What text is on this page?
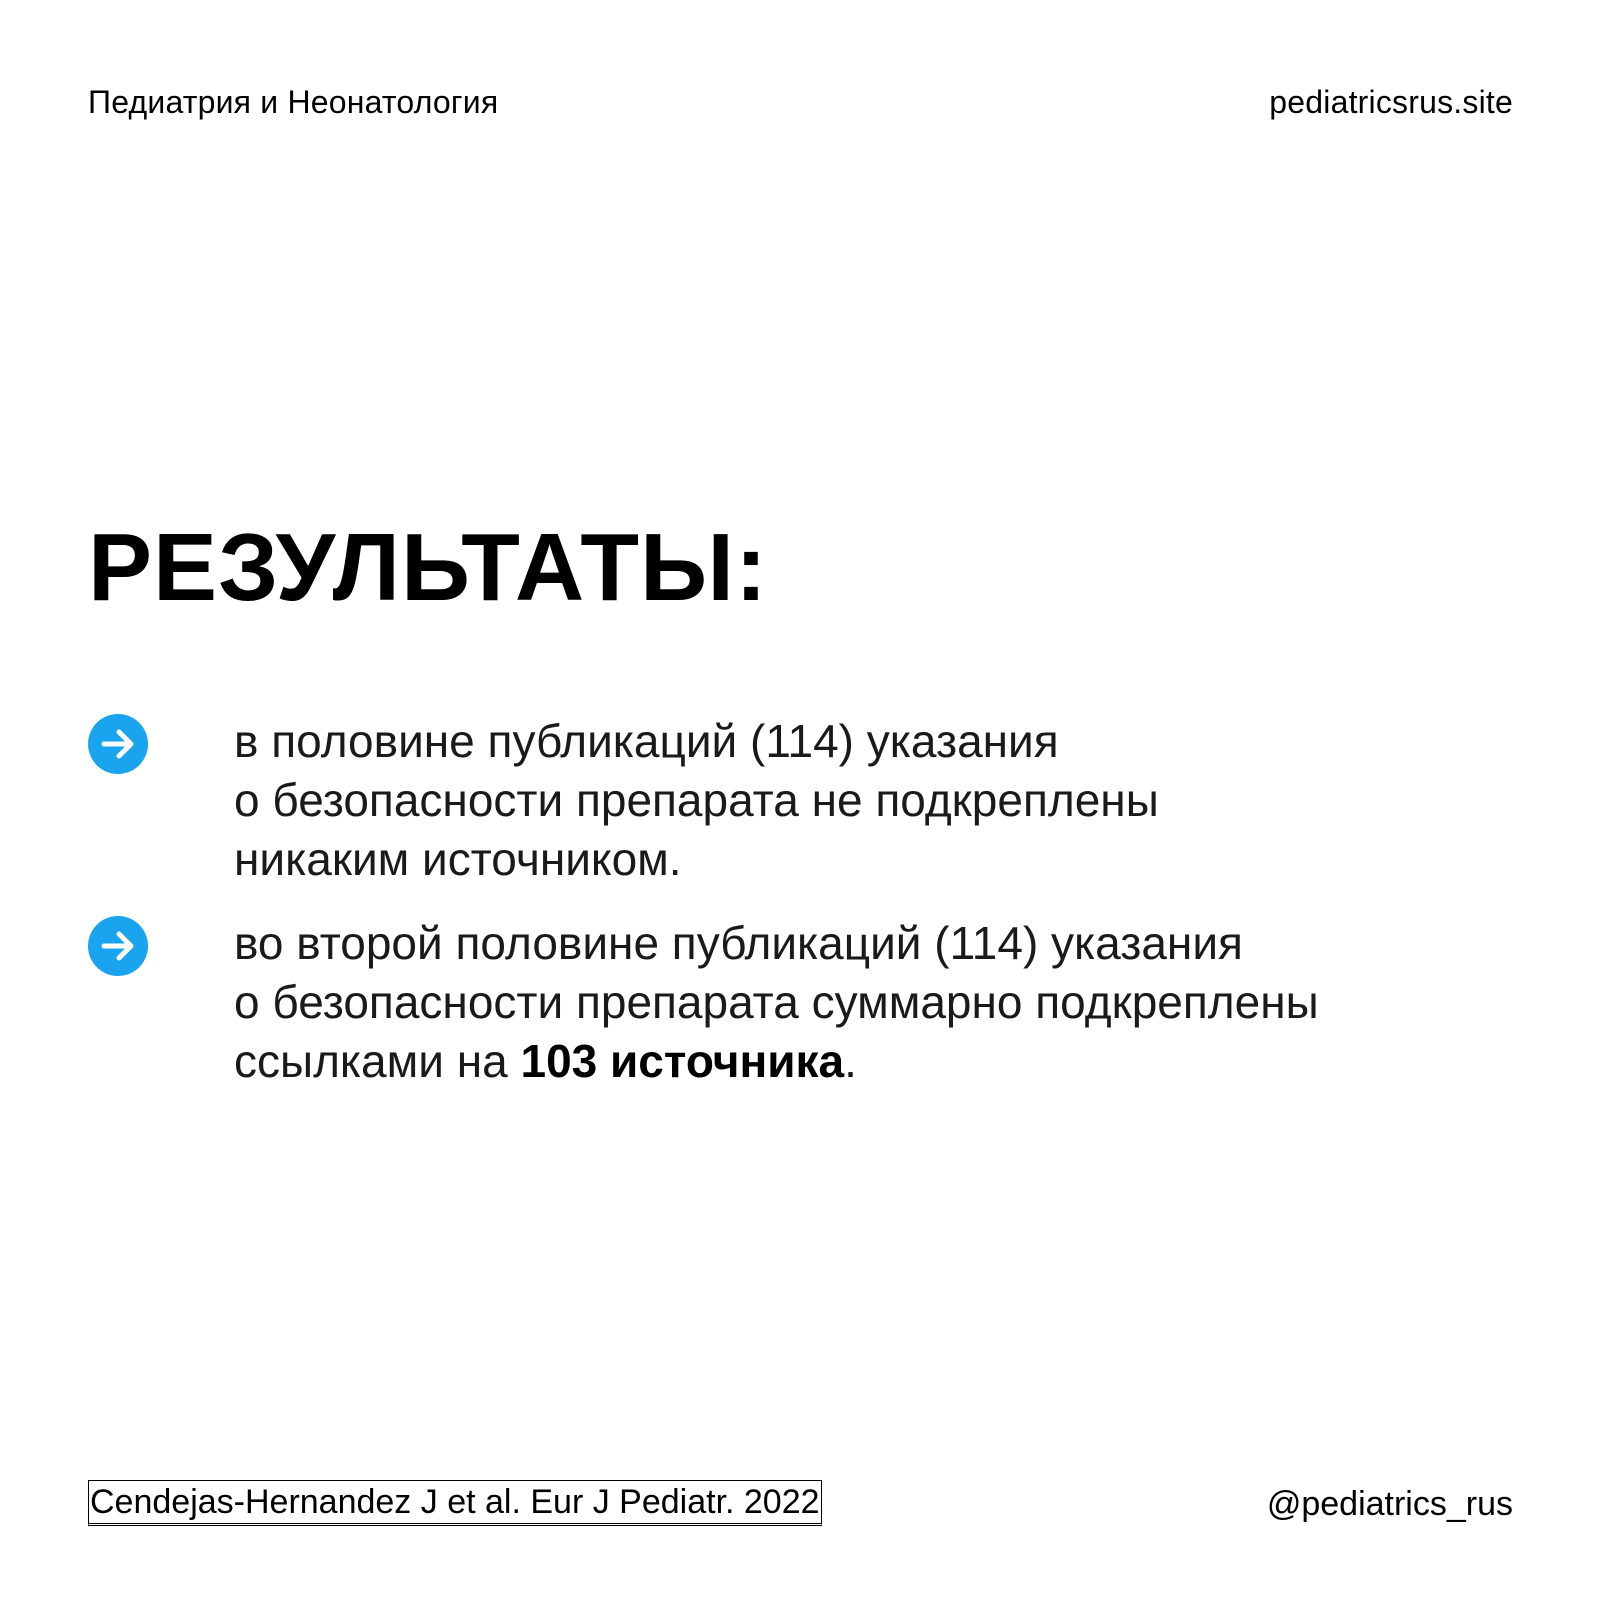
Педиатрия и Неонатология	pediatricsrus.site
РЕЗУЛЬТАТЫ:
в половине публикаций (114) указания
о безопасности препарата не подкреплены
никаким источником.
во второй половине публикаций (114) указания
о безопасности препарата суммарно подкреплены
ссылками на 103 источника.
Cendejas-Hernandez J et al. Eur J Pediatr. 2022	@pediatrics_rus
